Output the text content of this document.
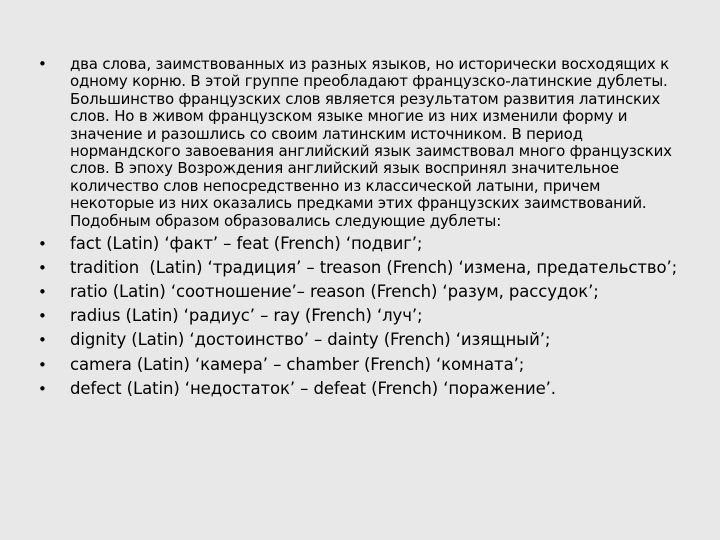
• два слова, заимствованных из разных языков, но исторически восходящих к одному корню. В этой группе преобладают французско-латинские дублеты. Большинство французских слов является результатом развития латинских слов. Но в живом французском языке многие из них изменили форму и значение и разошлись со своим латинским источником. В период нормандского завоевания английский язык заимствовал много французских слов. В эпоху Возрождения английский язык воспринял значительное количество слов непосредственно из классической латыни, причем некоторые из них оказались предками этих французских заимствований. Подобным образом образовались следующие дублеты:
• fact (Latin) ‘факт’ – feat (French) ‘подвиг’;
• tradition  (Latin) ‘традиция’ – treason (French) ‘измена, предательство’;
• ratio (Latin) ‘соотношение’– reason (French) ‘разум, рассудок’;
• radius (Latin) ‘радиус’ – ray (French) ‘луч’;
• dignity (Latin) ‘достоинство’ – dainty (French) ‘изящный’;
• camera (Latin) ‘камера’ – chamber (French) ‘комната’;
• defect (Latin) ‘недостаток’ – defeat (French) ‘поражение’.
